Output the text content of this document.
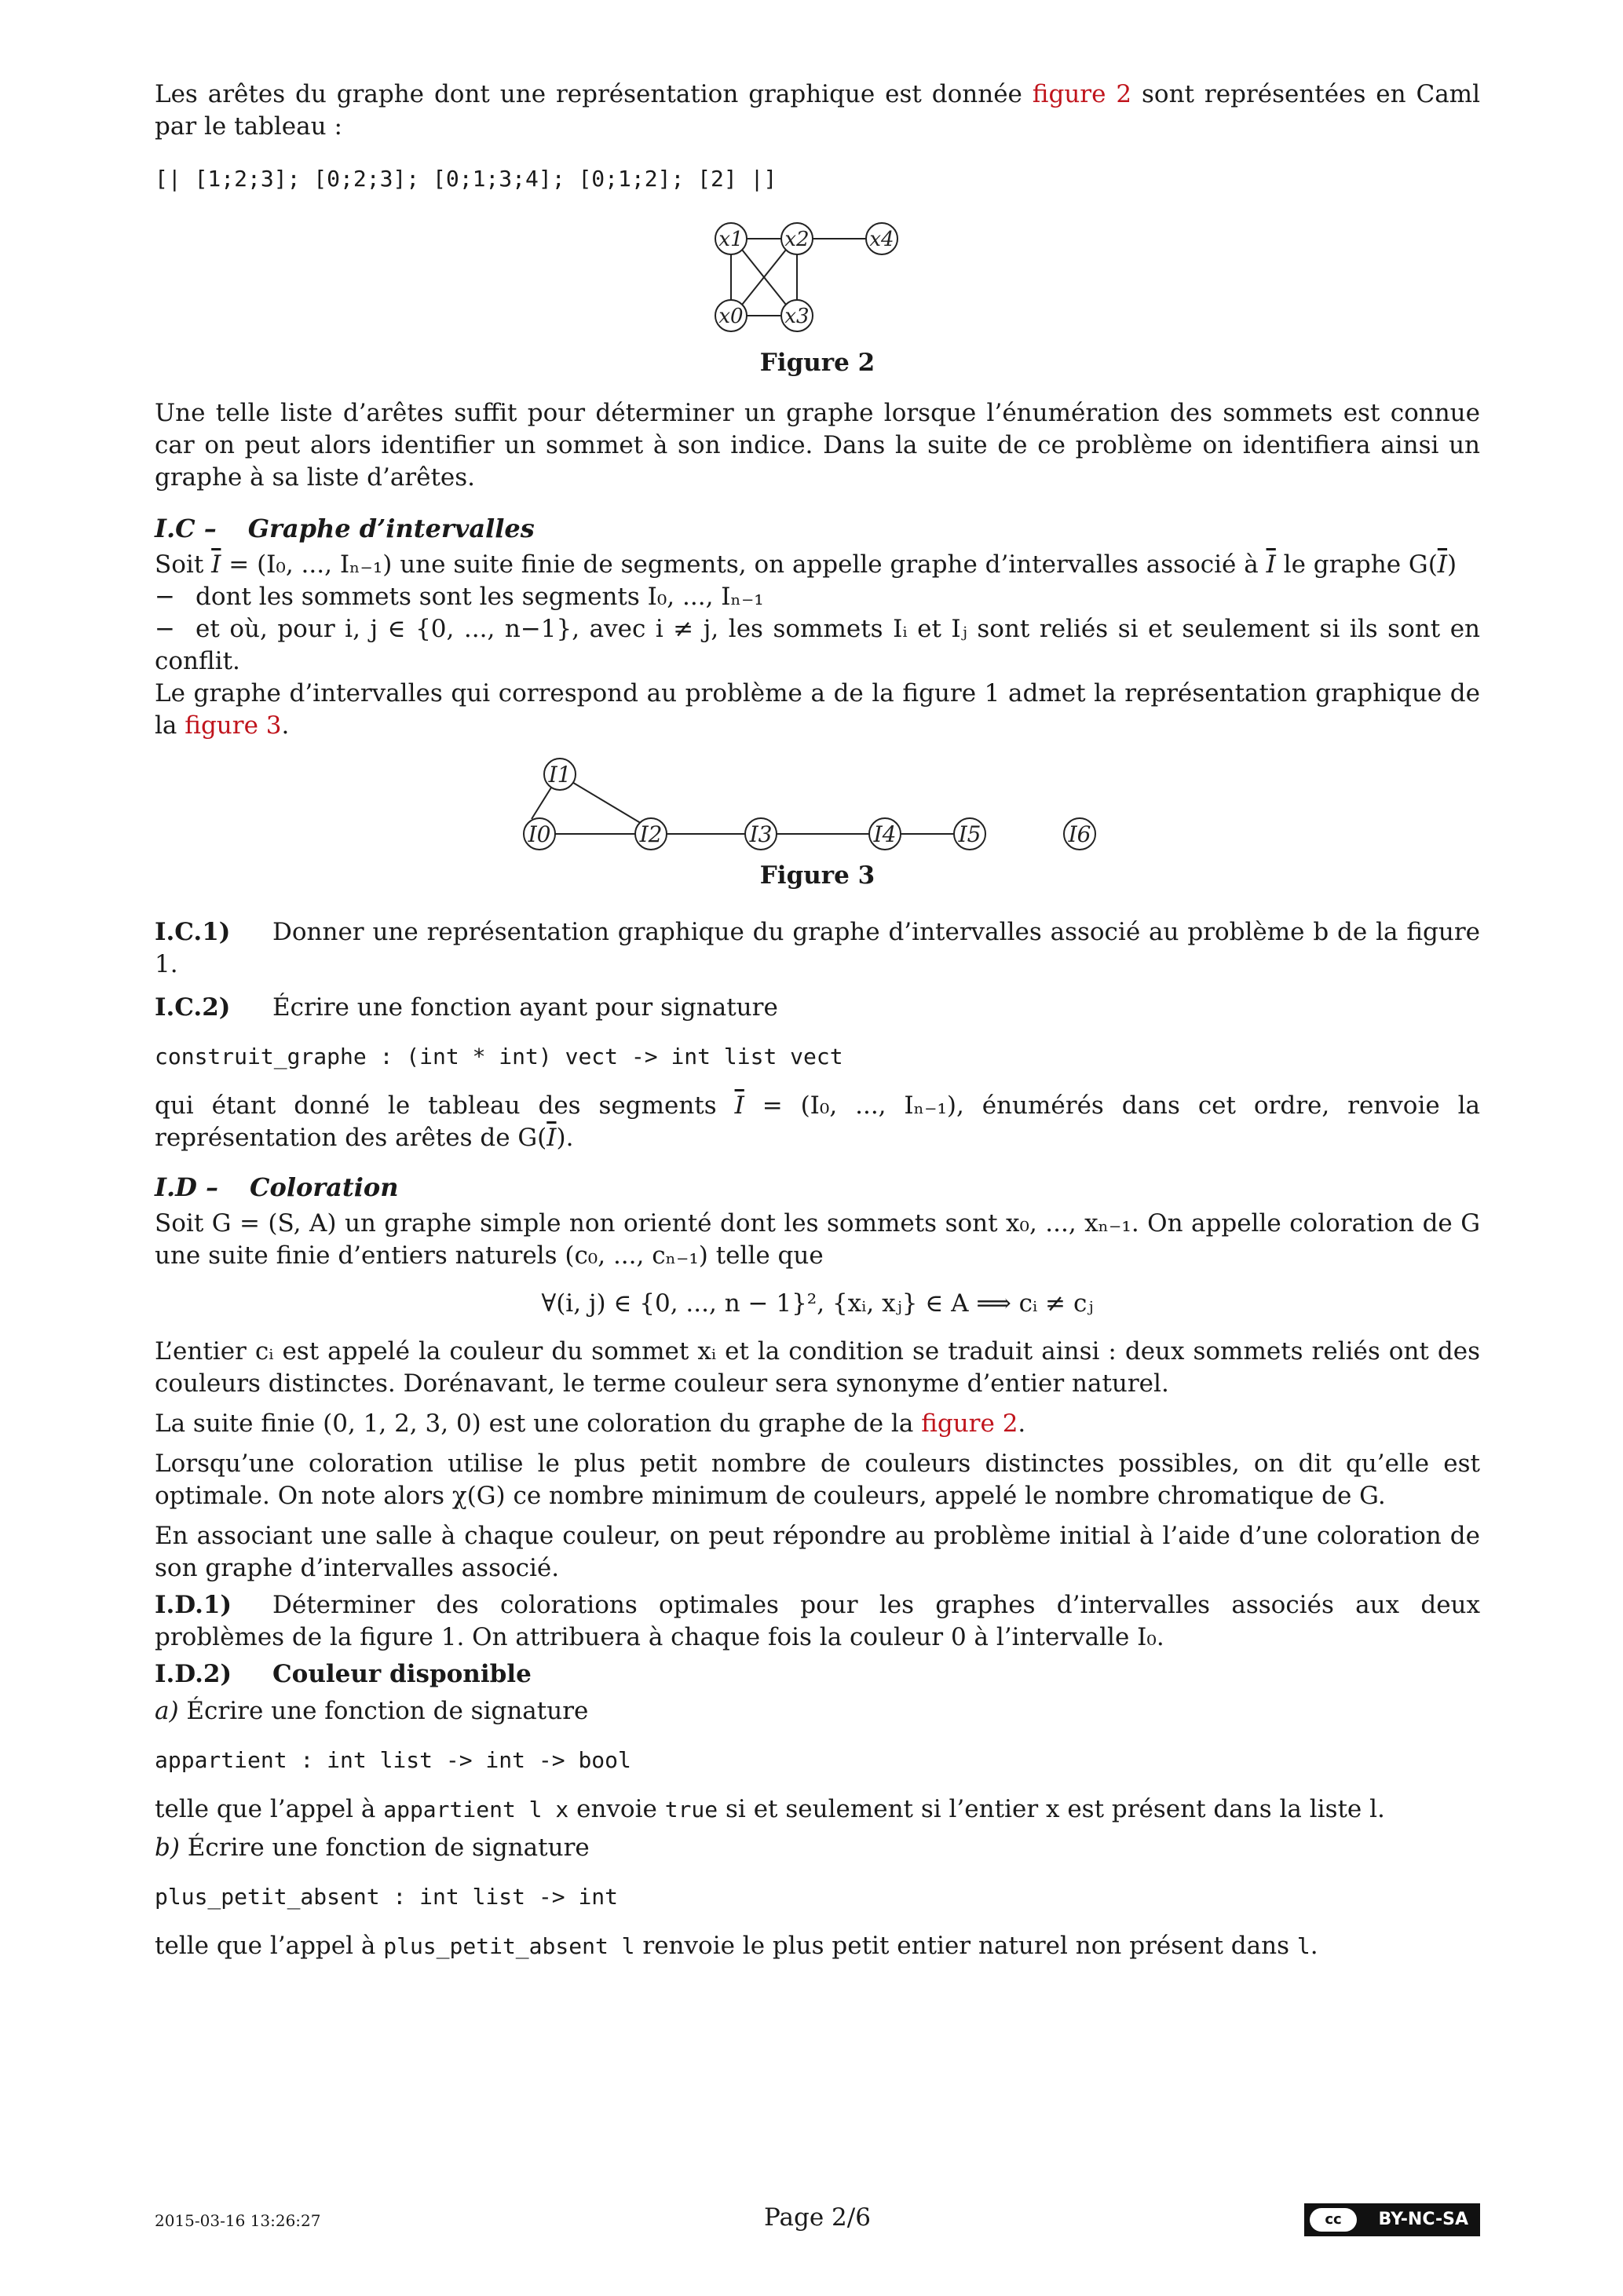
Les arêtes du graphe dont une représentation graphique est donnée figure 2 sont représentées en Caml par le tableau :

[| [1;2;3]; [0;2;3]; [0;1;3;4]; [0;1;2]; [2] |]
x1 x2	x4
x0 x3
Figure 2

Une telle liste d’arêtes suffit pour déterminer un graphe lorsque l’énumération des sommets est connue car on peut alors identifier un sommet à son indice. Dans la suite de ce problème on identifiera ainsi un graphe à sa liste d’arêtes.

I.C – Graphe d’intervalles

Soit $\overline{I} = (I_0$, ..., Iₙ₋₁) une suite finie de segments, on appelle graphe d’intervalles associé à $\overline{I}$ le graphe $G(\overline{I})$

− dont les sommets sont les segments I₀, ..., Iₙ₋₁

− et où, pour i, j ∈ {0, ..., n−1}, avec i ≠ j, les sommets Iᵢ et Iⱼ sont reliés si et seulement si ils sont en conflit.

Le graphe d’intervalles qui correspond au problème a de la figure 1 admet la représentation graphique de la figure 3.

I1
I0	I2	I3	I4	I5	I6
Figure 3

I.C.1) Donner une représentation graphique du graphe d’intervalles associé au problème b de la figure 1.

I.C.2) Écrire une fonction ayant pour signature

construit_graphe : (int * int) vect -> int list vect

qui étant donné le tableau des segments $\overline{I} = (I_0$, ..., Iₙ₋₁), énumérés dans cet ordre, renvoie la représentation des arêtes de $G(\overline{I})$.

I.D – Coloration

Soit G = (S, A) un graphe simple non orienté dont les sommets sont x₀, ..., xₙ₋₁. On appelle coloration de G une suite finie d’entiers naturels (c₀, ..., cₙ₋₁) telle que

∀(i, j) ∈ {0, ..., n − 1}², {xᵢ, xⱼ} ∈ A ⟹ cᵢ ≠ cⱼ

L’entier cᵢ est appelé la couleur du sommet xᵢ et la condition se traduit ainsi : deux sommets reliés ont des couleurs distinctes. Dorénavant, le terme couleur sera synonyme d’entier naturel.

La suite finie (0, 1, 2, 3, 0) est une coloration du graphe de la figure 2.

Lorsqu’une coloration utilise le plus petit nombre de couleurs distinctes possibles, on dit qu’elle est optimale. On note alors χ(G) ce nombre minimum de couleurs, appelé le nombre chromatique de G.

En associant une salle à chaque couleur, on peut répondre au problème initial à l’aide d’une coloration de son graphe d’intervalles associé.

I.D.1) Déterminer des colorations optimales pour les graphes d’intervalles associés aux deux problèmes de la figure 1. On attribuera à chaque fois la couleur 0 à l’intervalle I₀.

I.D.2) Couleur disponible

a) Écrire une fonction de signature

appartient : int list -> int -> bool

telle que l’appel à appartient l x envoie true si et seulement si l’entier x est présent dans la liste l.

b) Écrire une fonction de signature

plus_petit_absent : int list -> int

telle que l’appel à plus_petit_absent l renvoie le plus petit entier naturel non présent dans l.

2015-03-16 13:26:27	Page 2/6	cc	BY-NC-SA
